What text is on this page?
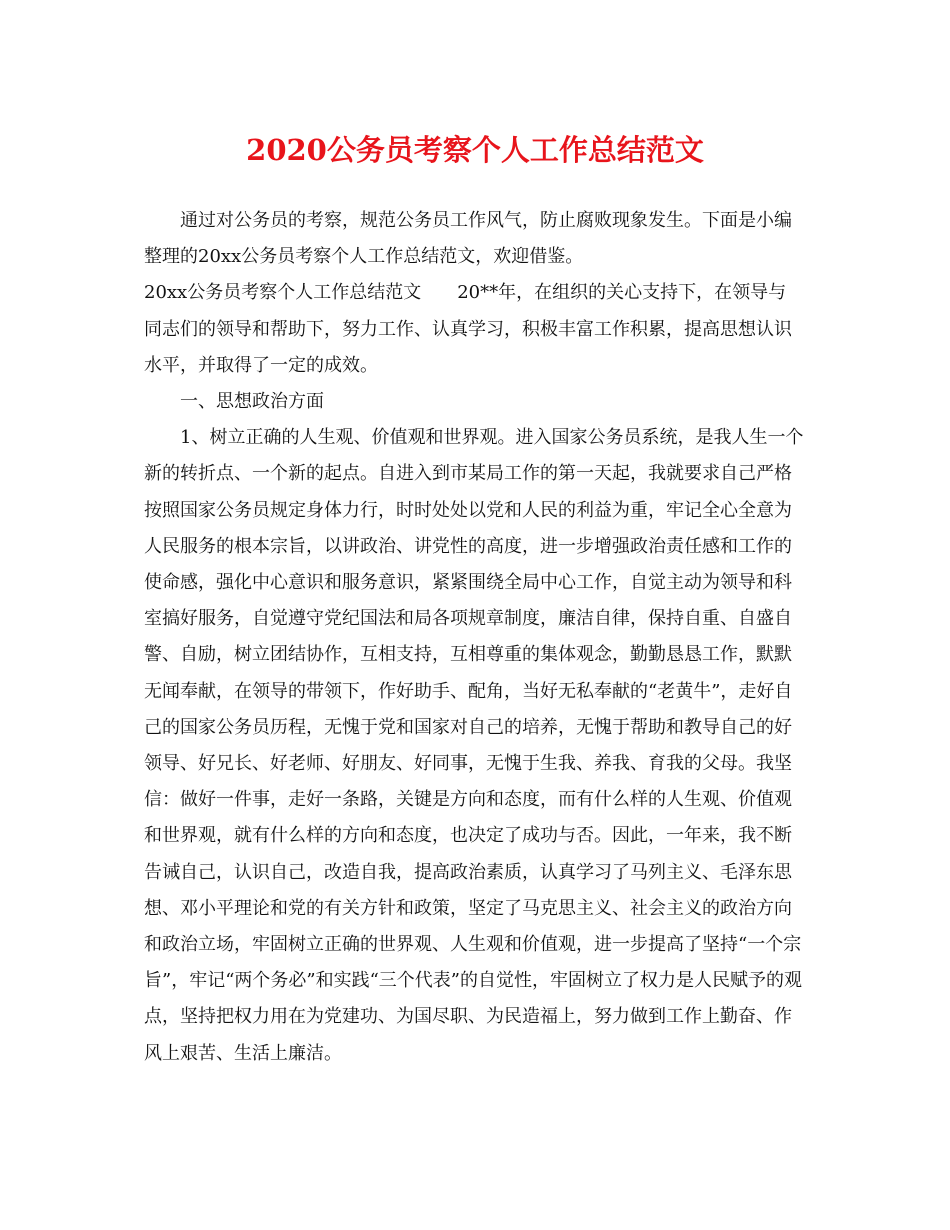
2020公务员考察个人工作总结范文

通过对公务员的考察，规范公务员工作风气，防止腐败现象发生。下面是小编整理的20xx公务员考察个人工作总结范文，欢迎借鉴。

20xx公务员考察个人工作总结范文　　20**年，在组织的关心支持下，在领导与同志们的领导和帮助下，努力工作、认真学习，积极丰富工作积累，提高思想认识水平，并取得了一定的成效。

一、思想政治方面

1、树立正确的人生观、价值观和世界观。进入国家公务员系统，是我人生一个新的转折点、一个新的起点。自进入到市某局工作的第一天起，我就要求自己严格按照国家公务员规定身体力行，时时处处以党和人民的利益为重，牢记全心全意为人民服务的根本宗旨，以讲政治、讲党性的高度，进一步增强政治责任感和工作的使命感，强化中心意识和服务意识，紧紧围绕全局中心工作，自觉主动为领导和科室搞好服务，自觉遵守党纪国法和局各项规章制度，廉洁自律，保持自重、自盛自警、自励，树立团结协作，互相支持，互相尊重的集体观念，勤勤恳恳工作，默默无闻奉献，在领导的带领下，作好助手、配角，当好无私奉献的“老黄牛”，走好自己的国家公务员历程，无愧于党和国家对自己的培养，无愧于帮助和教导自己的好领导、好兄长、好老师、好朋友、好同事，无愧于生我、养我、育我的父母。我坚信：做好一件事，走好一条路，关键是方向和态度，而有什么样的人生观、价值观和世界观，就有什么样的方向和态度，也决定了成功与否。因此，一年来，我不断告诫自己，认识自己，改造自我，提高政治素质，认真学习了马列主义、毛泽东思想、邓小平理论和党的有关方针和政策，坚定了马克思主义、社会主义的政治方向和政治立场，牢固树立正确的世界观、人生观和价值观，进一步提高了坚持“一个宗旨”，牢记“两个务必”和实践“三个代表”的自觉性，牢固树立了权力是人民赋予的观点，坚持把权力用在为党建功、为国尽职、为民造福上，努力做到工作上勤奋、作风上艰苦、生活上廉洁。
